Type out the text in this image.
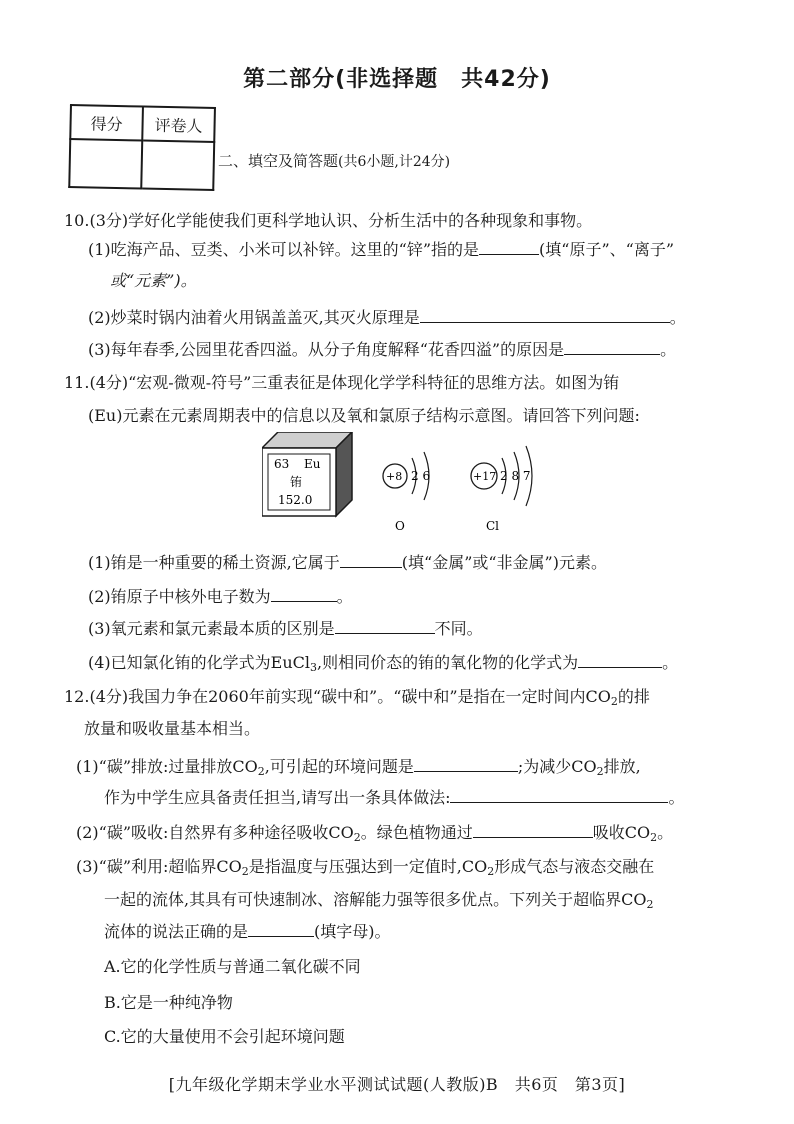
第二部分(非选择题　共42分)
得分	评卷人

二、填空及简答题(共6小题,计24分)
10.(3分)学好化学能使我们更科学地认识、分析生活中的各种现象和事物。
(1)吃海产品、豆类、小米可以补锌。这里的“锌”指的是	(填“原子”、“离子”
或“元素”)。
(2)炒菜时锅内油着火用锅盖盖灭,其灭火原理是	。
(3)每年春季,公园里花香四溢。从分子角度解释“花香四溢”的原因是	。
11.(4分)“宏观-微观-符号”三重表征是体现化学学科特征的思维方法。如图为铕
(Eu)元素在元素周期表中的信息以及氧和氯原子结构示意图。请回答下列问题:
63 Eu
铕
152.0
+8 2 6
O
+17 2 8 7
Cl
(1)铕是一种重要的稀土资源,它属于	(填“金属”或“非金属”)元素。
(2)铕原子中核外电子数为	。
(3)氧元素和氯元素最本质的区别是	不同。
(4)已知氯化铕的化学式为EuCl3,则相同价态的铕的氧化物的化学式为	。
12.(4分)我国力争在2060年前实现“碳中和”。“碳中和”是指在一定时间内CO2的排
放量和吸收量基本相当。
(1)“碳”排放:过量排放CO2,可引起的环境问题是	;为减少CO2排放,
作为中学生应具备责任担当,请写出一条具体做法:	。
(2)“碳”吸收:自然界有多种途径吸收CO2。绿色植物通过	吸收CO2。
(3)“碳”利用:超临界CO2是指温度与压强达到一定值时,CO2形成气态与液态交融在
一起的流体,其具有可快速制冰、溶解能力强等很多优点。下列关于超临界CO2
流体的说法正确的是	(填字母)。
A.它的化学性质与普通二氧化碳不同
B.它是一种纯净物
C.它的大量使用不会引起环境问题
[九年级化学期末学业水平测试试题(人教版)B　共6页　第3页]
